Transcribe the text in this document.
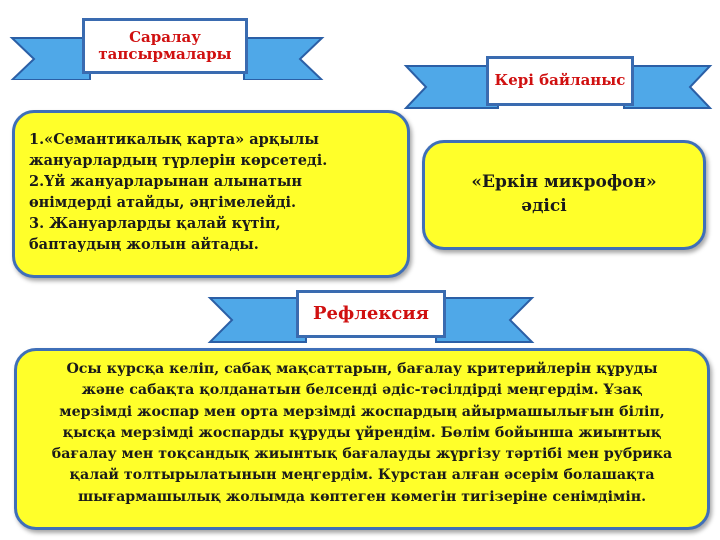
Саралау
тапсырмалары
Кері байланыс
1.«Семантикалық карта» арқылы
жануарлардың түрлерін көрсетеді.
2.Үй жануарларынан алынатын
өнімдерді атайды, әңгімелейді.
3. Жануарларды қалай күтіп,
баптаудың жолын айтады.
«Еркін микрофон»
әдісі
Рефлексия
Осы курсқа келіп, сабақ мақсаттарын, бағалау критерийлерін құруды
және сабақта қолданатын белсенді әдіс-тәсілдірді меңгердім. Ұзақ
мерзімді жоспар мен орта мерзімді жоспардың айырмашылығын біліп,
қысқа мерзімді жоспарды құруды үйрендім. Бөлім бойынша жиынтық
бағалау мен тоқсандық жиынтық бағалауды жүргізу тәртібі мен рубрика
қалай толтырылатынын меңгердім. Курстан алған әсерім болашақта
шығармашылық жолымда көптеген көмегін тигізеріне сенімдімін.
